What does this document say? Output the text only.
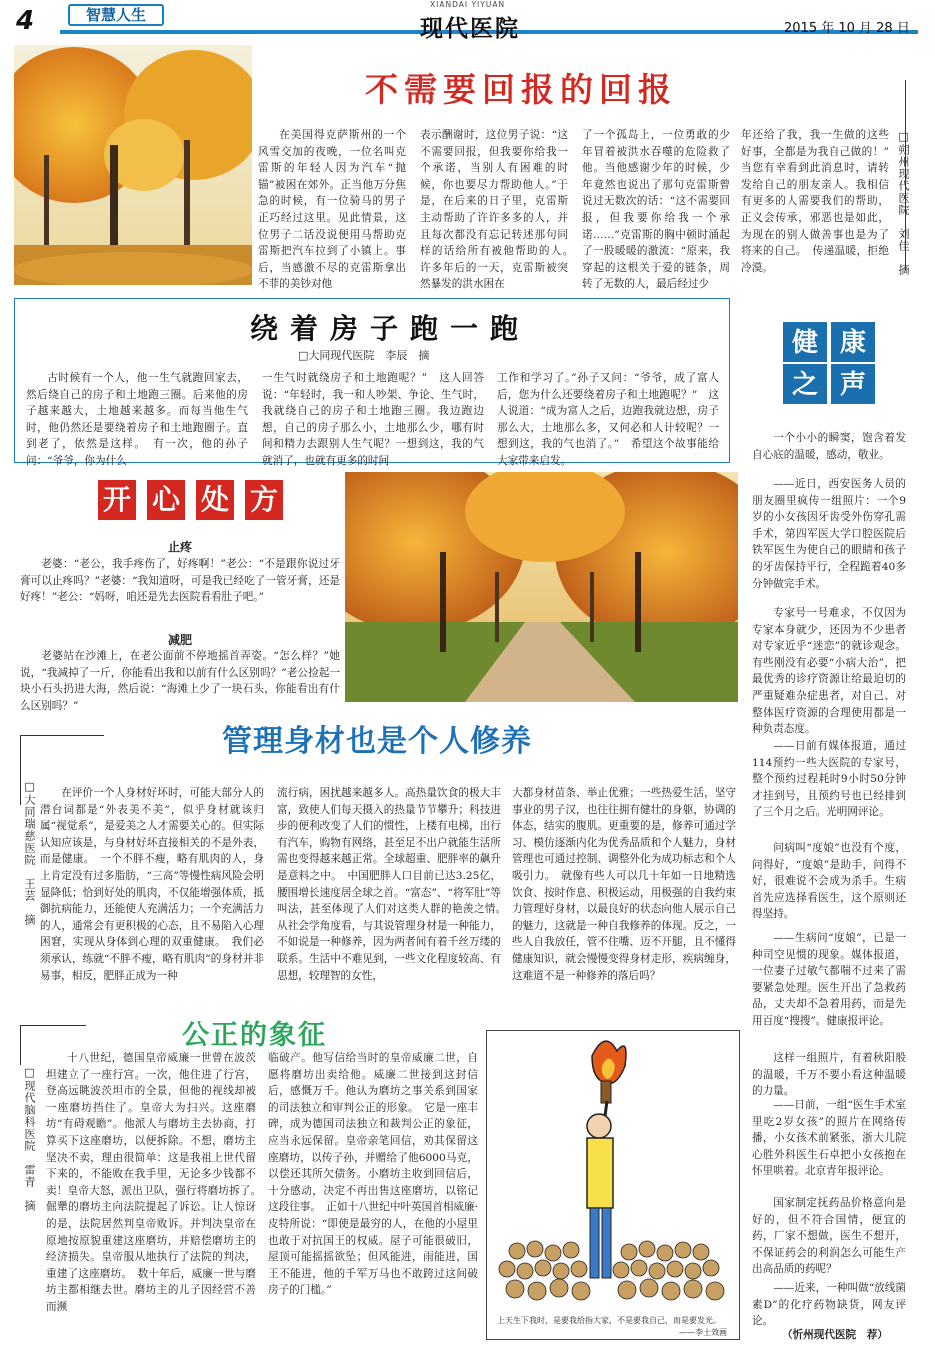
4	智慧人生
XIANDAI YIYUAN
现代医院	2015 年 10 月 28 日
不需要回报的回报
在美国得克萨斯州的一个风雪交加的夜晚，一位名叫克雷斯的年轻人因为汽车“抛锚”被困在郊外。正当他万分焦急的时候，有一位骑马的男子正巧经过这里。见此情景，这位男子二话没说便用马帮助克雷斯把汽车拉到了小镇上。事后，当感激不尽的克雷斯拿出不菲的美钞对他
表示酬谢时，这位男子说：“这不需要回报，但我要你给我一个承诺，当别人有困难的时候，你也要尽力帮助他人。”于是，在后来的日子里，克雷斯主动帮助了许许多多的人，并且每次都没有忘记转述那句同样的话给所有被他帮助的人。　许多年后的一天，克雷斯被突然暴发的洪水困在
了一个孤岛上，一位勇敢的少年冒着被洪水吞噬的危险救了他。当他感谢少年的时候，少年竟然也说出了那句克雷斯曾说过无数次的话：“这不需要回报，但我要你给我一个承诺……”克雷斯的胸中顿时涌起了一股暖暖的激流：“原来，我穿起的这根关于爱的链条，周转了无数的人，最后经过少
年还给了我，我一生做的这些好事，全都是为我自己做的！”　当您有幸看到此消息时，请转发给自己的朋友亲人。我相信有更多的人需要我们的帮助，正义会传承，邪恶也是如此，为现在的别人做善事也是为了将来的自己。　传递温暖，拒绝冷漠。	□朔州现代医院　刘佳　摘
绕着房子跑一跑
□大同现代医院　李辰　摘
古时候有一个人，他一生气就跑回家去，然后绕自己的房子和土地跑三圈。后来他的房子越来越大，土地越来越多。而每当他生气时，他仍然还是要绕着房子和土地跑圈子。直到老了，依然是这样。　有一次，他的孙子问：“爷爷，你为什么
一生气时就绕房子和土地跑呢？”　这人回答说：“年轻时，我一和人吵架、争论、生气时，我就绕自己的房子和土地跑三圈。我边跑边想，自己的房子那么小，土地那么少，哪有时间和精力去跟别人生气呢？一想到这，我的气就消了，也就有更多的时间
工作和学习了。”孙子又问：“爷爷，成了富人后，您为什么还要绕着房子和土地跑呢？”　这人说道：“成为富人之后，边跑我就边想，房子那么大，土地那么多，又何必和人计较呢？一想到这，我的气也消了。”　希望这个故事能给大家带来启发。
健 康
之 声
一个小小的瞬窦，饱含着发自心底的温暖，感动，敬业。
——近日，西安医务人员的朋友圈里疯传一组照片：一个9岁的小女孩因牙齿受外伤穿孔需手术，第四军医大学口腔医院后铁军医生为使自己的眼睛和孩子的牙齿保持平行，全程跪着40多分钟做完手术。
专家号一号难求，不仅因为专家本身就少，还因为不少患者对专家近乎“迷恋”的就诊观念。有些刚没有必要“小病大治”，把最优秀的诊疗资源让给最迫切的严重疑难杂症患者，对自己、对整体医疗资源的合理使用都是一种负责态度。
——日前有媒体报道，通过114预约一些大医院的专家号，整个预约过程耗时9小时50分钟才挂到号，且预约号也已经排到了三个月之后。光明网评论。
问病叫“度娘”也没有个度，问得好，“度娘”是助手，问得不好，很难说不会成为杀手。生病首先应选择看医生，这个原则还得坚持。
——生病问“度娘”，已是一种司空见惯的现象。媒体报道，一位妻子过敏气都喘不过来了需要紧急处理。医生开出了急救药品，丈夫却不急着用药，而是先用百度“搜搜”。健康报评论。
这样一组照片，有着秋阳般的温暖，千万不要小看这种温暖的力量。
——日前，一组“医生手术室里吃2岁女孩”的照片在网络传播，小女孩术前紧张，浙大儿院心胜外科医生石卓把小女孩抱在怀里哄着。北京青年报评论。
国家制定抚药品价格意向是好的，但不符合国情，便宜的药，厂家不想做，医生不想开，不保证药会的利润怎么可能生产出高品质的药呢？
——近来，一种叫做“放线菌素D”的化疗药物缺货，网友评论。
（忻州现代医院　荐）
开 心 处 方
止疼
老婆：“老公，我手疼伤了，好疼啊！”老公：“不是跟你说过牙膏可以止疼吗？”老婆：“我知道呀，可是我已经吃了一管牙膏，还是好疼！”老公：“妈呀，咱还是先去医院看看肚子吧。”
减肥
老婆站在沙滩上，在老公面前不停地摇首弄姿。“怎么样？”她说，“我减掉了一斤，你能看出我和以前有什么区别吗？”老公捡起一块小石头扔进大海，然后说：“海滩上少了一块石头，你能看出有什么区别吗？”
管理身材也是个人修养
□大同瑞慈医院　王芸　摘	在评价一个人身材好坏时，可能大部分人的潜台词都是“外表美不美”，似乎身材就该归属“视觉系”，是爱美之人才需要关心的。但实际认知应该是，与身材好坏直接相关的不是外表，而是健康。　一个不胖不瘦，略有肌肉的人，身上肯定没有过多脂肪，“三高”等慢性病风险会明显降低；恰到好处的肌肉，不仅能增强体质，抵御抗病能力，还能使人充满活力；一个充满活力的人，通常会有更积极的心态，且不易陷入心理困窘，实现从身体到心理的双重健康。　我们必须承认，练就“不胖不瘦，略有肌肉”的身材并非易事，相反，肥胖正成为一种
流行病，困扰越来越多人。高热量饮食的极大丰富，致使人们每天摄入的热量节节攀升；科技进步的便利改变了人们的惯性，上楼有电梯，出行有汽车，购物有网络，甚至足不出户就能生活所需也变得越来越正常。全球超重、肥胖率的飙升是意料之中。　中国肥胖人口目前已达3.25亿，腰围增长速度居全球之首。“富态”、“将军肚”等叫法，甚至体现了人们对这类人群的艳羡之情。　从社会学角度看，与其说管理身材是一种能力，不如说是一种修养，因为两者间有着千丝万缕的联系。生活中不难见到，一些文化程度较高、有思想，较理智的女性，
大都身材苗条、举止优雅；一些热爱生活，坚守事业的男子汉，也往往拥有健壮的身躯，协调的体态，结实的腹肌。更重要的是，修养可通过学习、模仿逐渐内化为优秀品质和个人魅力，身材管理也可通过控制、调整外化为成功标志和个人吸引力。　就像有些人可以几十年如一日地精选饮食、按时作息、积极运动，用极强的自我约束力管理好身材，以最良好的状态向他人展示自己的魅力，这就是一种自我修养的体现。反之，一些人自我放任，管不住嘴、迈不开腿，且不懂得健康知识，就会慢慢变得身材走形，疾病缠身，这难道不是一种修养的落后吗？
公正的象征
□现代脑科医院　雷青　摘
十八世纪，德国皇帝威廉一世曾在波茨坦建立了一座行宫。一次，他住进了行宫，登高远眺波茨坦市的全景，但他的视线却被一座磨坊挡住了。皇帝大为扫兴。这座磨坊“有碍观瞻”。他派人与磨坊主去协商，打算买下这座磨坊，以便拆除。不想，磨坊主坚决不卖，理由很简单：这是我祖上世代留下来的，不能败在我手里，无论多少钱都不卖！皇帝大怒，派出卫队，强行将磨坊拆了。　倔犟的磨坊主向法院提起了诉讼。让人惊讶的是，法院居然判皇帝败诉。并判决皇帝在原地按原貌重建这座磨坊，并赔偿磨坊主的经济损失。皇帝服从地执行了法院的判决，重建了这座磨坊。　数十年后，威廉一世与磨坊主都相继去世。磨坊主的儿子因经营不善而濒
临破产。他写信给当时的皇帝威廉二世，自愿将磨坊出卖给他。威廉二世接到这封信后，感慨万千。他认为磨坊之事关系到国家的司法独立和审判公正的形象。　它是一座丰碑，成为德国司法独立和裁判公正的象征，应当永远保留。皇帝亲笔回信，劝其保留这座磨坊，以传子孙，并赠给了他6000马克，以偿还其所欠债务。小磨坊主收到回信后，十分感动，决定不再出售这座磨坊，以铭记这段往事。　正如十八世纪中叶英国首相威廉·皮特所说：“即使是最穷的人，在他的小屋里也敢于对抗国王的权威。屋子可能很破旧，屋顶可能摇摇欲坠；但风能进，雨能进，国王不能进，他的千军万马也不敢跨过这间破房子的门槛。”
上天生下我时，是要我给指大家，不是要我自己，而是要发光。
——李士效画
